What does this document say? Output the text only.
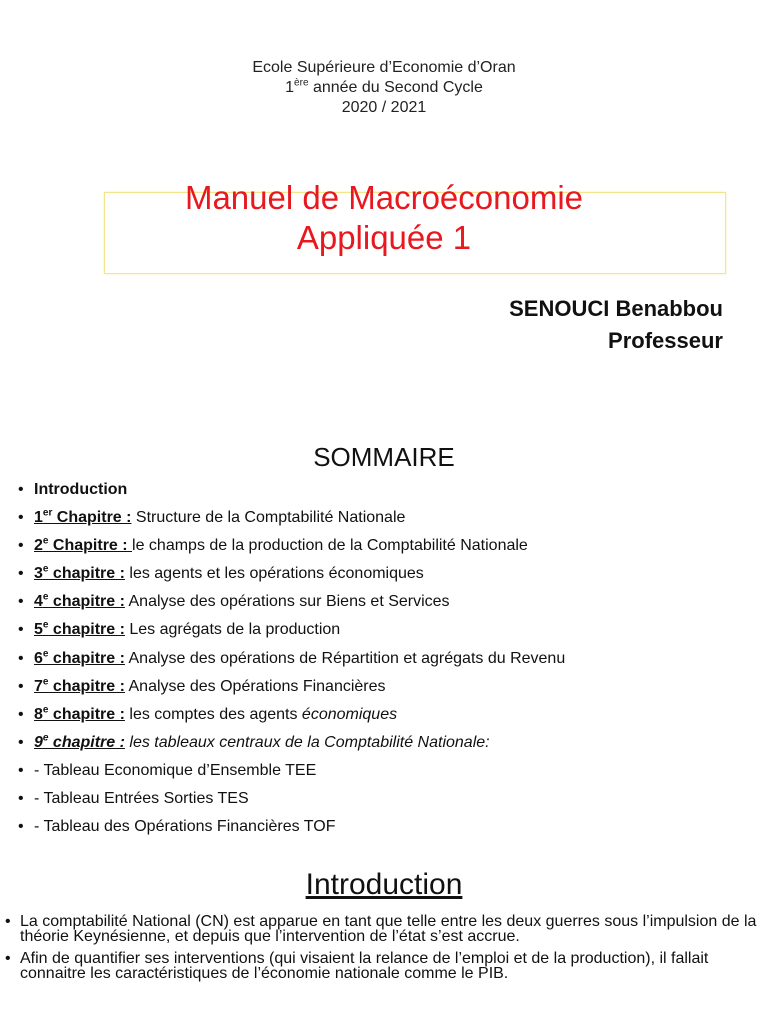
Ecole Supérieure d’Economie d’Oran
1ère année du Second Cycle
2020 / 2021
Manuel de Macroéconomie
Appliquée 1
SENOUCI Benabbou
Professeur
SOMMAIRE
• Introduction
• 1er Chapitre : Structure de la Comptabilité Nationale
• 2e Chapitre : le champs de la production de la Comptabilité Nationale
• 3e chapitre : les agents et les opérations économiques
• 4e chapitre : Analyse des opérations sur Biens et Services
• 5e chapitre : Les agrégats de la production
• 6e chapitre : Analyse des opérations de Répartition et agrégats du Revenu
• 7e chapitre : Analyse des Opérations Financières
• 8e chapitre : les comptes des agents économiques
• 9e chapitre : les tableaux centraux de la Comptabilité Nationale:
• - Tableau Economique d’Ensemble TEE
• - Tableau Entrées Sorties TES
• - Tableau des Opérations Financières TOF
Introduction
• La comptabilité National (CN) est apparue en tant que telle entre les deux guerres sous l’impulsion de la théorie Keynésienne, et depuis que l’intervention de l’état s’est accrue.
• Afin de quantifier ses interventions (qui visaient la relance de l’emploi et de la production), il fallait connaitre les caractéristiques de l’économie nationale comme le PIB.
